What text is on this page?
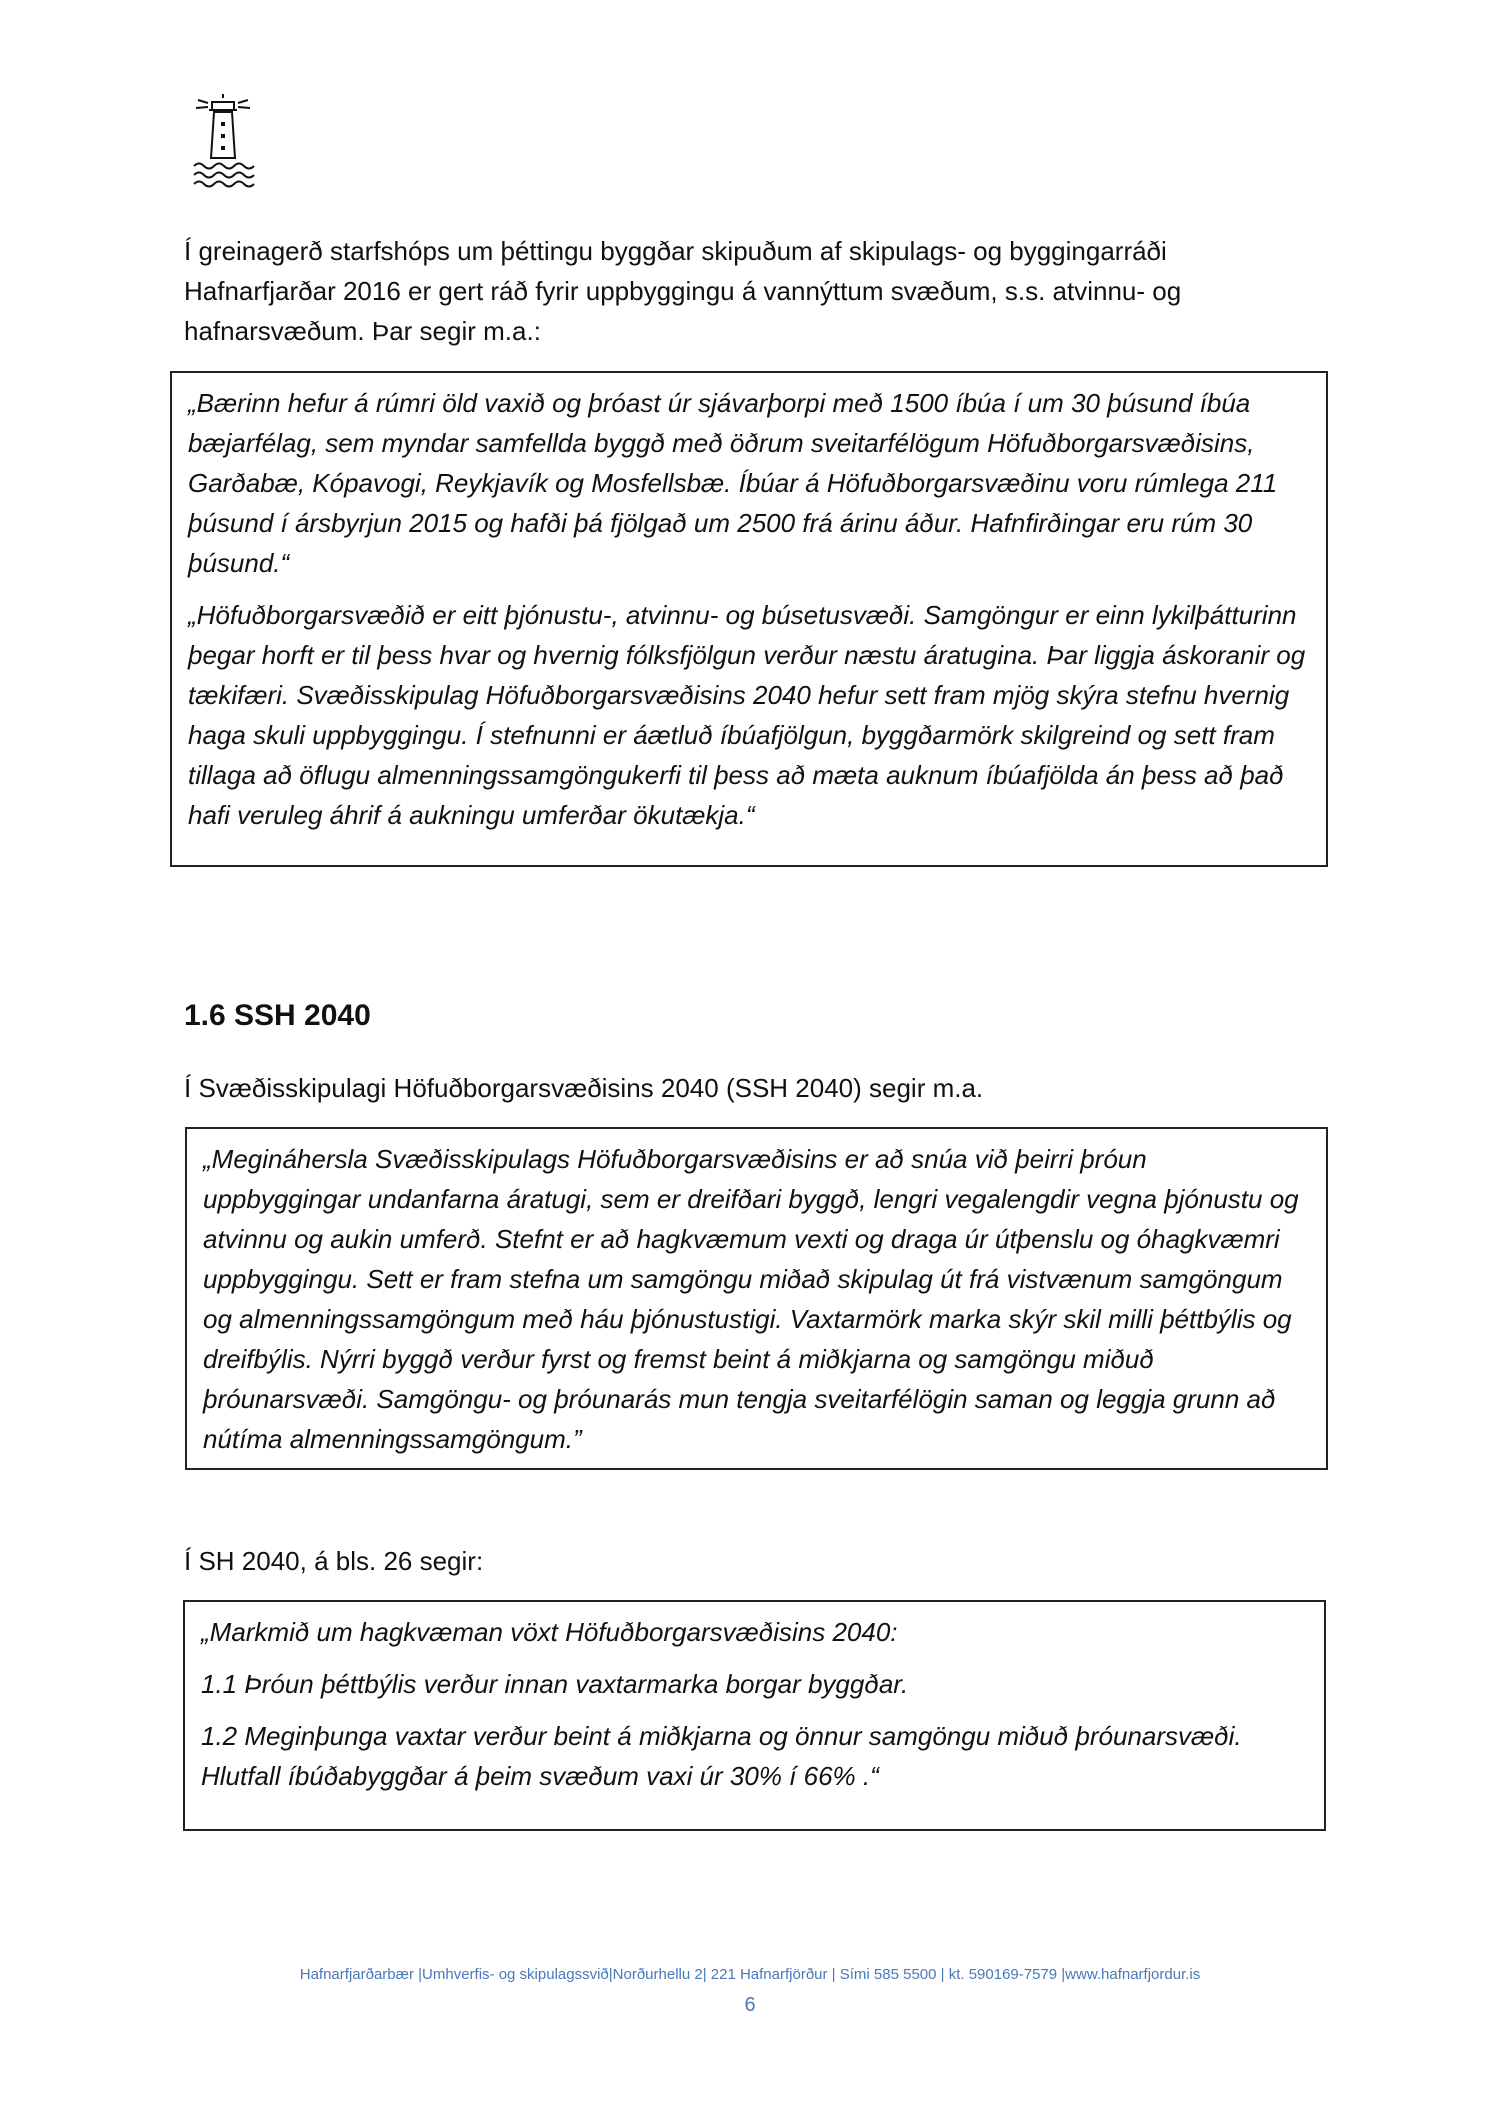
Í greinagerð starfshóps um þéttingu byggðar skipuðum af skipulags- og byggingarráði Hafnarfjarðar 2016 er gert ráð fyrir uppbyggingu á vannýttum svæðum, s.s. atvinnu- og hafnarsvæðum. Þar segir m.a.:

„Bærinn hefur á rúmri öld vaxið og þróast úr sjávarþorpi með 1500 íbúa í um 30 þúsund íbúa bæjarfélag, sem myndar samfellda byggð með öðrum sveitarfélögum Höfuðborgarsvæðisins, Garðabæ, Kópavogi, Reykjavík og Mosfellsbæ. Íbúar á Höfuðborgarsvæðinu voru rúmlega 211 þúsund í ársbyrjun 2015 og hafði þá fjölgað um 2500 frá árinu áður. Hafnfirðingar eru rúm 30 þúsund.“

„Höfuðborgarsvæðið er eitt þjónustu-, atvinnu- og búsetusvæði. Samgöngur er einn lykilþátturinn þegar horft er til þess hvar og hvernig fólksfjölgun verður næstu áratugina. Þar liggja áskoranir og tækifæri. Svæðisskipulag Höfuðborgarsvæðisins 2040 hefur sett fram mjög skýra stefnu hvernig haga skuli uppbyggingu. Í stefnunni er áætluð íbúafjölgun, byggðarmörk skilgreind og sett fram tillaga að öflugu almenningssamgöngukerfi til þess að mæta auknum íbúafjölda án þess að það hafi veruleg áhrif á aukningu umferðar ökutækja.“

1.6 SSH 2040

Í Svæðisskipulagi Höfuðborgarsvæðisins 2040 (SSH 2040) segir m.a.

„Megináhersla Svæðisskipulags Höfuðborgarsvæðisins er að snúa við þeirri þróun uppbyggingar undanfarna áratugi, sem er dreifðari byggð, lengri vegalengdir vegna þjónustu og atvinnu og aukin umferð. Stefnt er að hagkvæmum vexti og draga úr útþenslu og óhagkvæmri uppbyggingu. Sett er fram stefna um samgöngu miðað skipulag út frá vistvænum samgöngum og almenningssamgöngum með háu þjónustustigi. Vaxtarmörk marka skýr skil milli þéttbýlis og dreifbýlis. Nýrri byggð verður fyrst og fremst beint á miðkjarna og samgöngu miðuð þróunarsvæði. Samgöngu- og þróunarás mun tengja sveitarfélögin saman og leggja grunn að nútíma almenningssamgöngum.”

Í SH 2040, á bls. 26 segir:

„Markmið um hagkvæman vöxt Höfuðborgarsvæðisins 2040:

1.1 Þróun þéttbýlis verður innan vaxtarmarka borgar byggðar.

1.2 Meginþunga vaxtar verður beint á miðkjarna og önnur samgöngu miðuð þróunarsvæði. Hlutfall íbúðabyggðar á þeim svæðum vaxi úr 30% í 66% .“

Hafnarfjarðarbær |Umhverfis- og skipulagssvið|Norðurhellu 2| 221 Hafnarfjörður | Sími 585 5500 | kt. 590169-7579 |www.hafnarfjordur.is
6
